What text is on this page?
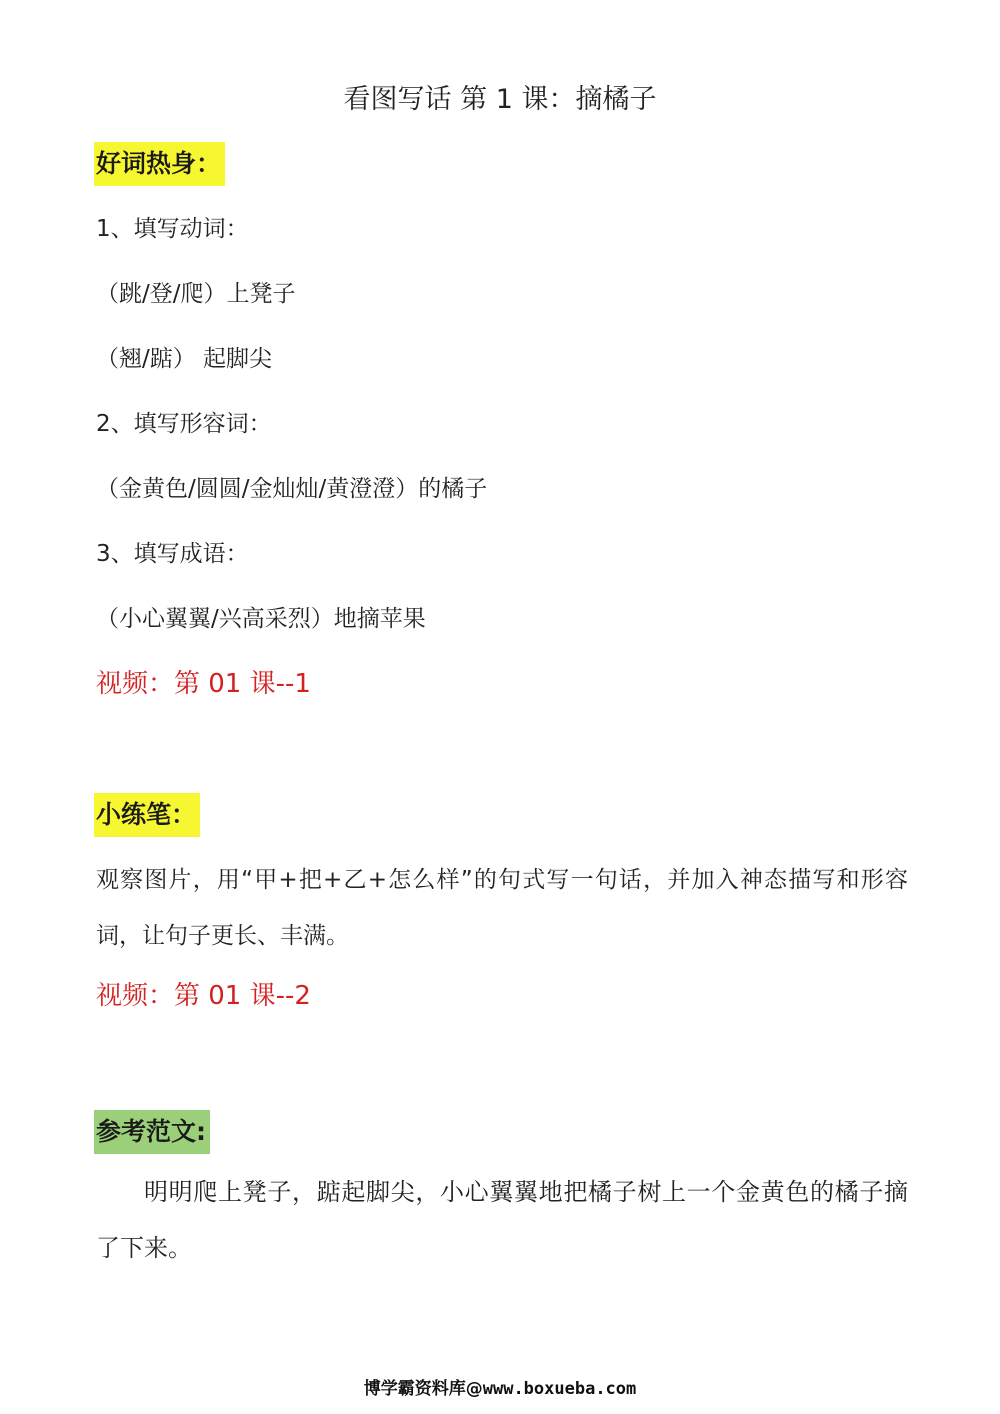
看图写话 第 1 课：摘橘子
好词热身：
1、填写动词：
（跳/登/爬）上凳子
（翘/踮） 起脚尖
2、填写形容词：
（金黄色/圆圆/金灿灿/黄澄澄）的橘子
3、填写成语：
（小心翼翼/兴高采烈）地摘苹果
视频：第 01 课--1
小练笔：
观察图片，用“甲+把+乙+怎么样”的句式写一句话，并加入神态描写和形容词，让句子更长、丰满。
视频：第 01 课--2
参考范文:
明明爬上凳子，踮起脚尖，小心翼翼地把橘子树上一个金黄色的橘子摘了下来。
博学霸资料库@www.boxueba.com
